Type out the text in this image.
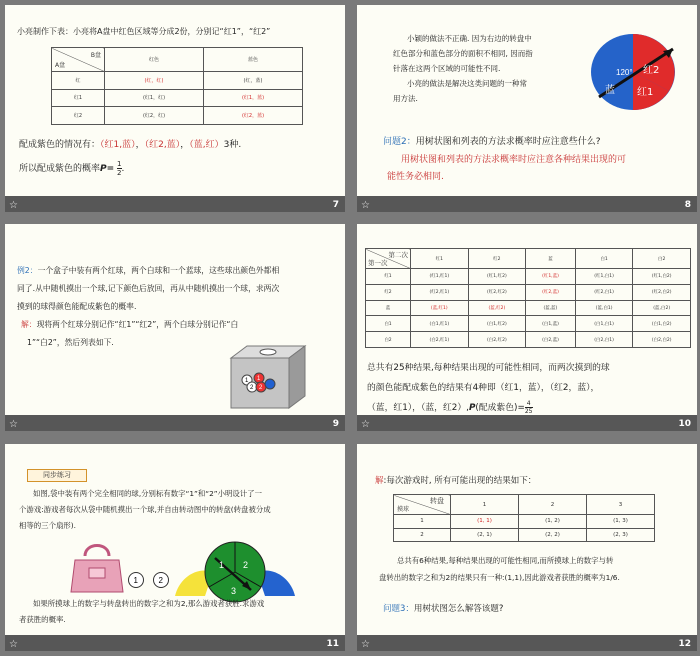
小亮制作下表：小亮将A盘中红色区域等分成2份，分别记“红1”，“红2”
B盘
A盘	红色	蓝色
红	(红，红)	(红，蓝)
红1	(红1，红)	(红1，蓝)
红2	(红2，红)	(红2，蓝)
配成紫色的情况有：（红1,蓝），（红2,蓝），（蓝,红）3种.
所以配成紫色的概率$P= \frac{1}{2}$ .
☆	7
小颖的做法不正确. 因为右边的转盘中
红色部分和蓝色部分的面积不相同, 因而指
针落在这两个区域的可能性不同.
小亮的做法是解决这类问题的一种常
用方法.
120° 红2
红1
蓝
问题2：用树状图和列表的方法求概率时应注意些什么?
用树状图和列表的方法求概率时应注意各种结果出现的可
能性务必相同.
☆	8
例2：一个盒子中装有两个红球，两个白球和一个蓝球，这些球出颜色外都相
同了.从中随机摸出一个球,记下颜色后放回，再从中随机摸出一个球，求两次
摸到的球得颜色能配成紫色的概率.
解：现将两个红球分别记作“红1”“红2”，两个白球分别记作“白
1”“白2”，然后列表如下.
1
2
1
2
☆	9
第二次
第一次	红1	红2	蓝	白1	白2
红1	(红1,红1)	(红1,红2)	(红1,蓝)	(红1,白1)	(红1,白2)
红2	(红2,红1)	(红2,红2)	(红2,蓝)	(红2,白1)	(红2,白2)
蓝	(蓝,红1)	(蓝,红2)	(蓝,蓝)	(蓝,白1)	(蓝,白2)
白1	(白1,红1)	(白1,红2)	(白1,蓝)	(白1,白1)	(白1,白2)
白2	(白2,红1)	(白2,红2)	(白2,蓝)	(白2,白1)	(白2,白2)
总共有25种结果,每种结果出现的可能性相同，而两次摸到的球
的颜色能配成紫色的结果有4种即（红1，蓝），（红2，蓝），
（蓝，红1），（蓝，红2）,P(配成紫色)= $\frac{4}{25}$
☆	10
同步练习
如图,袋中装有两个完全相同的球,分别标有数字“1”和“2”小明设计了一
个游戏:游戏者每次从袋中随机摸出一个球,并自由转动图中的转盘(转盘被分成
相等的三个扇形).
1	2
1 2
3
如果所摸球上的数字与转盘转出的数字之和为2,那么游戏者获胜.求游戏
者获胜的概率.
☆	11
解:每次游戏时, 所有可能出现的结果如下：
转盘
摸球	1	2	3
1	(1, 1)	(1, 2)	(1, 3)
2	(2, 1)	(2, 2)	(2, 3)
总共有6种结果,每种结果出现的可能性相同,而所摸球上的数字与转
盘转出的数字之和为2的结果只有一种:(1,1),因此游戏者获胜的概率为1/6.
问题3：用树状图怎么解答该题?
☆	12
